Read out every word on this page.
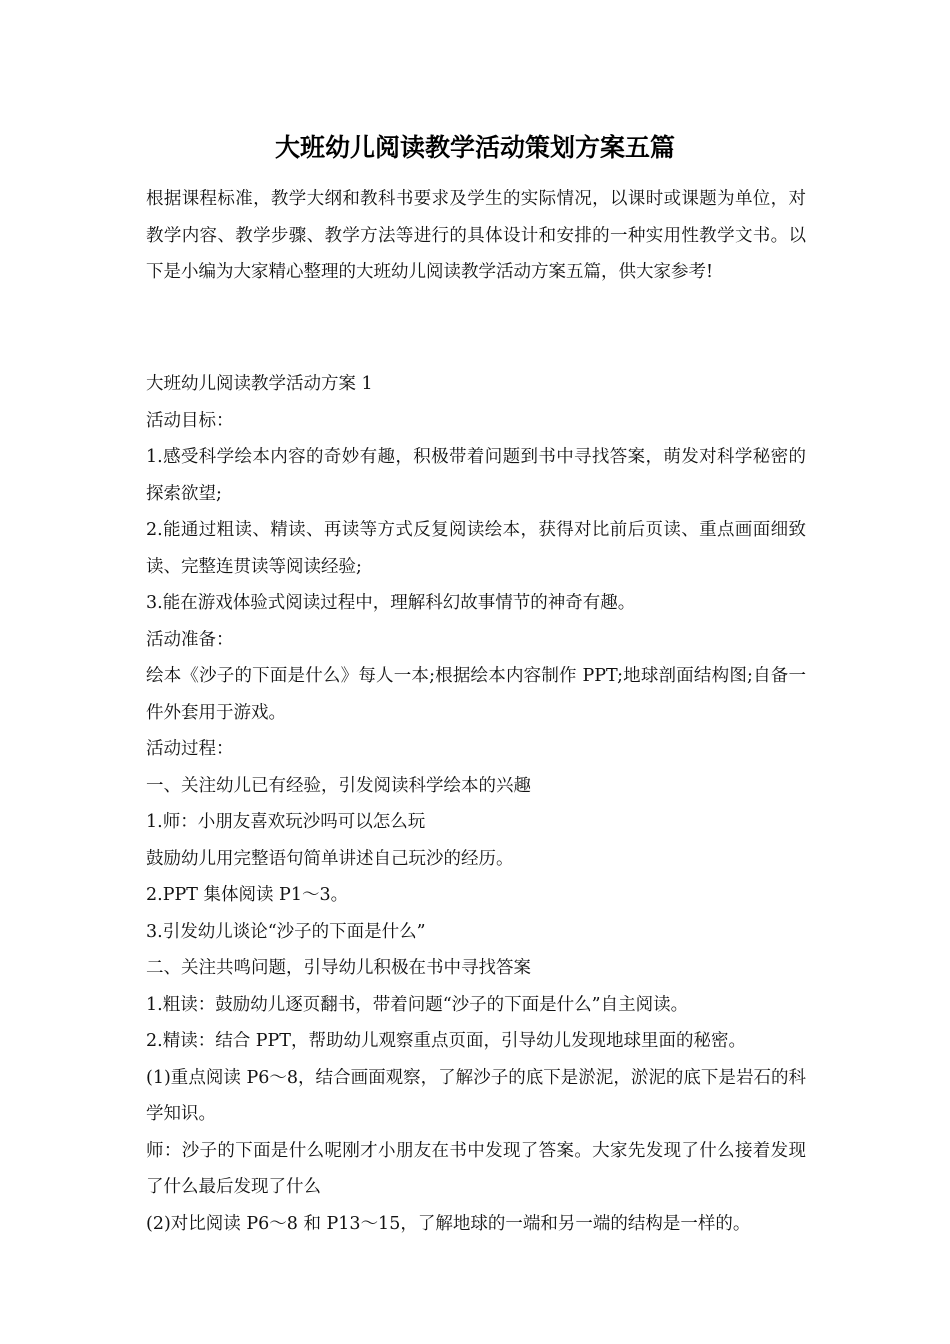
大班幼儿阅读教学活动策划方案五篇

根据课程标准，教学大纲和教科书要求及学生的实际情况，以课时或课题为单位，对教学内容、教学步骤、教学方法等进行的具体设计和安排的一种实用性教学文书。以下是小编为大家精心整理的大班幼儿阅读教学活动方案五篇，供大家参考!

大班幼儿阅读教学活动方案 1

活动目标：

1.感受科学绘本内容的奇妙有趣，积极带着问题到书中寻找答案，萌发对科学秘密的探索欲望;

2.能通过粗读、精读、再读等方式反复阅读绘本，获得对比前后页读、重点画面细致读、完整连贯读等阅读经验;

3.能在游戏体验式阅读过程中，理解科幻故事情节的神奇有趣。

活动准备：

绘本《沙子的下面是什么》每人一本;根据绘本内容制作 PPT;地球剖面结构图;自备一件外套用于游戏。

活动过程：

一、关注幼儿已有经验，引发阅读科学绘本的兴趣

1.师：小朋友喜欢玩沙吗可以怎么玩

鼓励幼儿用完整语句简单讲述自己玩沙的经历。

2.PPT 集体阅读 P1～3。

3.引发幼儿谈论“沙子的下面是什么”

二、关注共鸣问题，引导幼儿积极在书中寻找答案

1.粗读：鼓励幼儿逐页翻书，带着问题“沙子的下面是什么”自主阅读。

2.精读：结合 PPT，帮助幼儿观察重点页面，引导幼儿发现地球里面的秘密。

(1)重点阅读 P6～8，结合画面观察，了解沙子的底下是淤泥，淤泥的底下是岩石的科学知识。

师：沙子的下面是什么呢刚才小朋友在书中发现了答案。大家先发现了什么接着发现了什么最后发现了什么

(2)对比阅读 P6～8 和 P13～15，了解地球的一端和另一端的结构是一样的。
